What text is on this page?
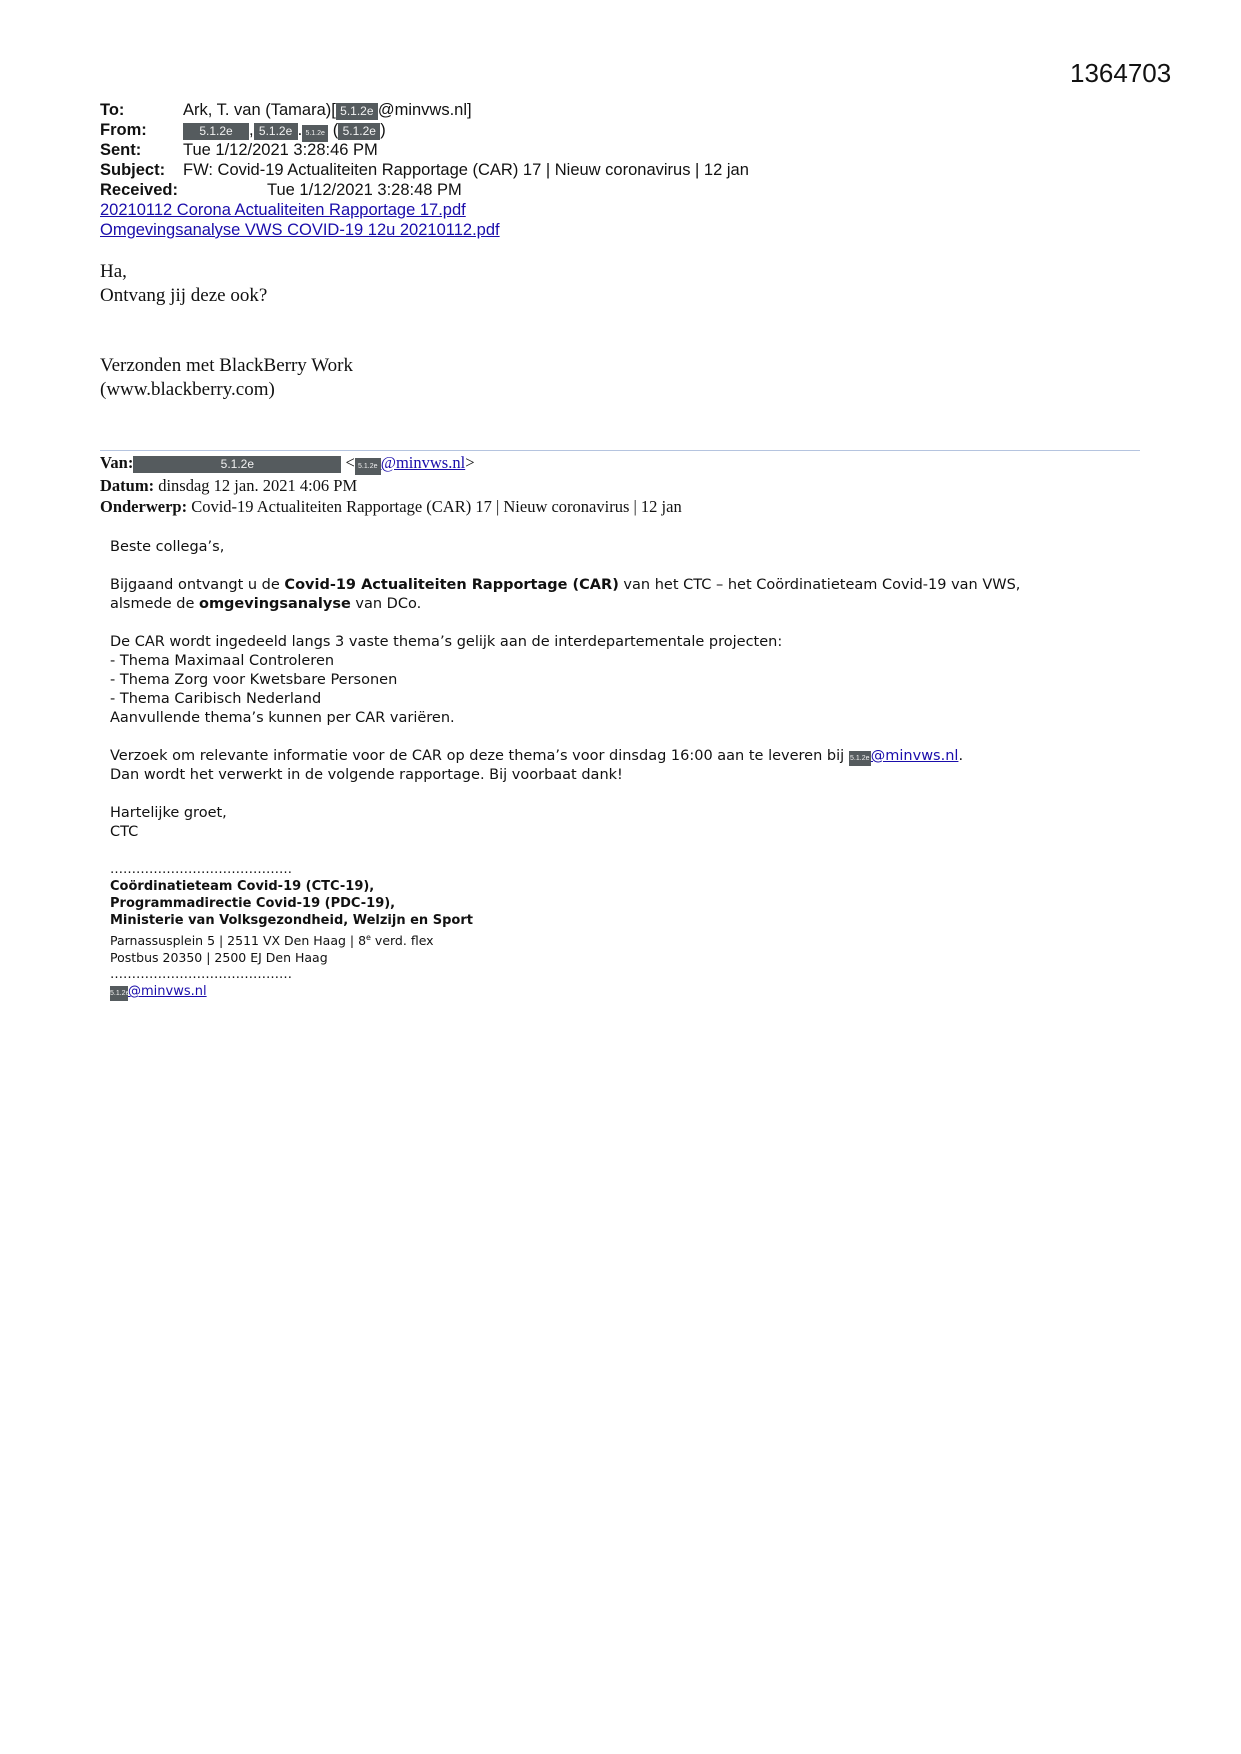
1364703
To:	Ark, T. van (Tamara)[ 5.1.2e @minvws.nl]
From:	5.1.2e , 5.1.2e . 5.1.2e ( 5.1.2e )
Sent:	Tue 1/12/2021 3:28:46 PM
Subject: FW: Covid-19 Actualiteiten Rapportage (CAR) 17 | Nieuw coronavirus | 12 jan
Received:	Tue 1/12/2021 3:28:48 PM
20210112 Corona Actualiteiten Rapportage 17.pdf
Omgevingsanalyse VWS COVID-19 12u 20210112.pdf
Ha,
Ontvang jij deze ook?
Verzonden met BlackBerry Work
(www.blackberry.com)
Van:	5.1.2e	< 5.1.2e @minvws.nl>
Datum: dinsdag 12 jan. 2021 4:06 PM
Onderwerp: Covid-19 Actualiteiten Rapportage (CAR) 17 | Nieuw coronavirus | 12 jan

Beste collega’s,

Bijgaand ontvangt u de Covid-19 Actualiteiten Rapportage (CAR) van het CTC – het Coördinatieteam Covid-19 van VWS,

alsmede de omgevingsanalyse van DCo.

De CAR wordt ingedeeld langs 3 vaste thema’s gelijk aan de interdepartementale projecten:

- Thema Maximaal Controleren

- Thema Zorg voor Kwetsbare Personen

- Thema Caribisch Nederland

Aanvullende thema’s kunnen per CAR variëren.

Verzoek om relevante informatie voor de CAR op deze thema’s voor dinsdag 16:00 aan te leveren bij 5.1.2e@minvws.nl.

Dan wordt het verwerkt in de volgende rapportage. Bij voorbaat dank!

Hartelijke groet,

CTC

……………………………………
Coördinatieteam Covid-19 (CTC-19),
Programmadirectie Covid-19 (PDC-19),
Ministerie van Volksgezondheid, Welzijn en Sport
Parnassusplein 5 | 2511 VX Den Haag | 8e verd. flex
Postbus 20350 | 2500 EJ Den Haag
……………………………………
5.1.2e@minvws.nl
